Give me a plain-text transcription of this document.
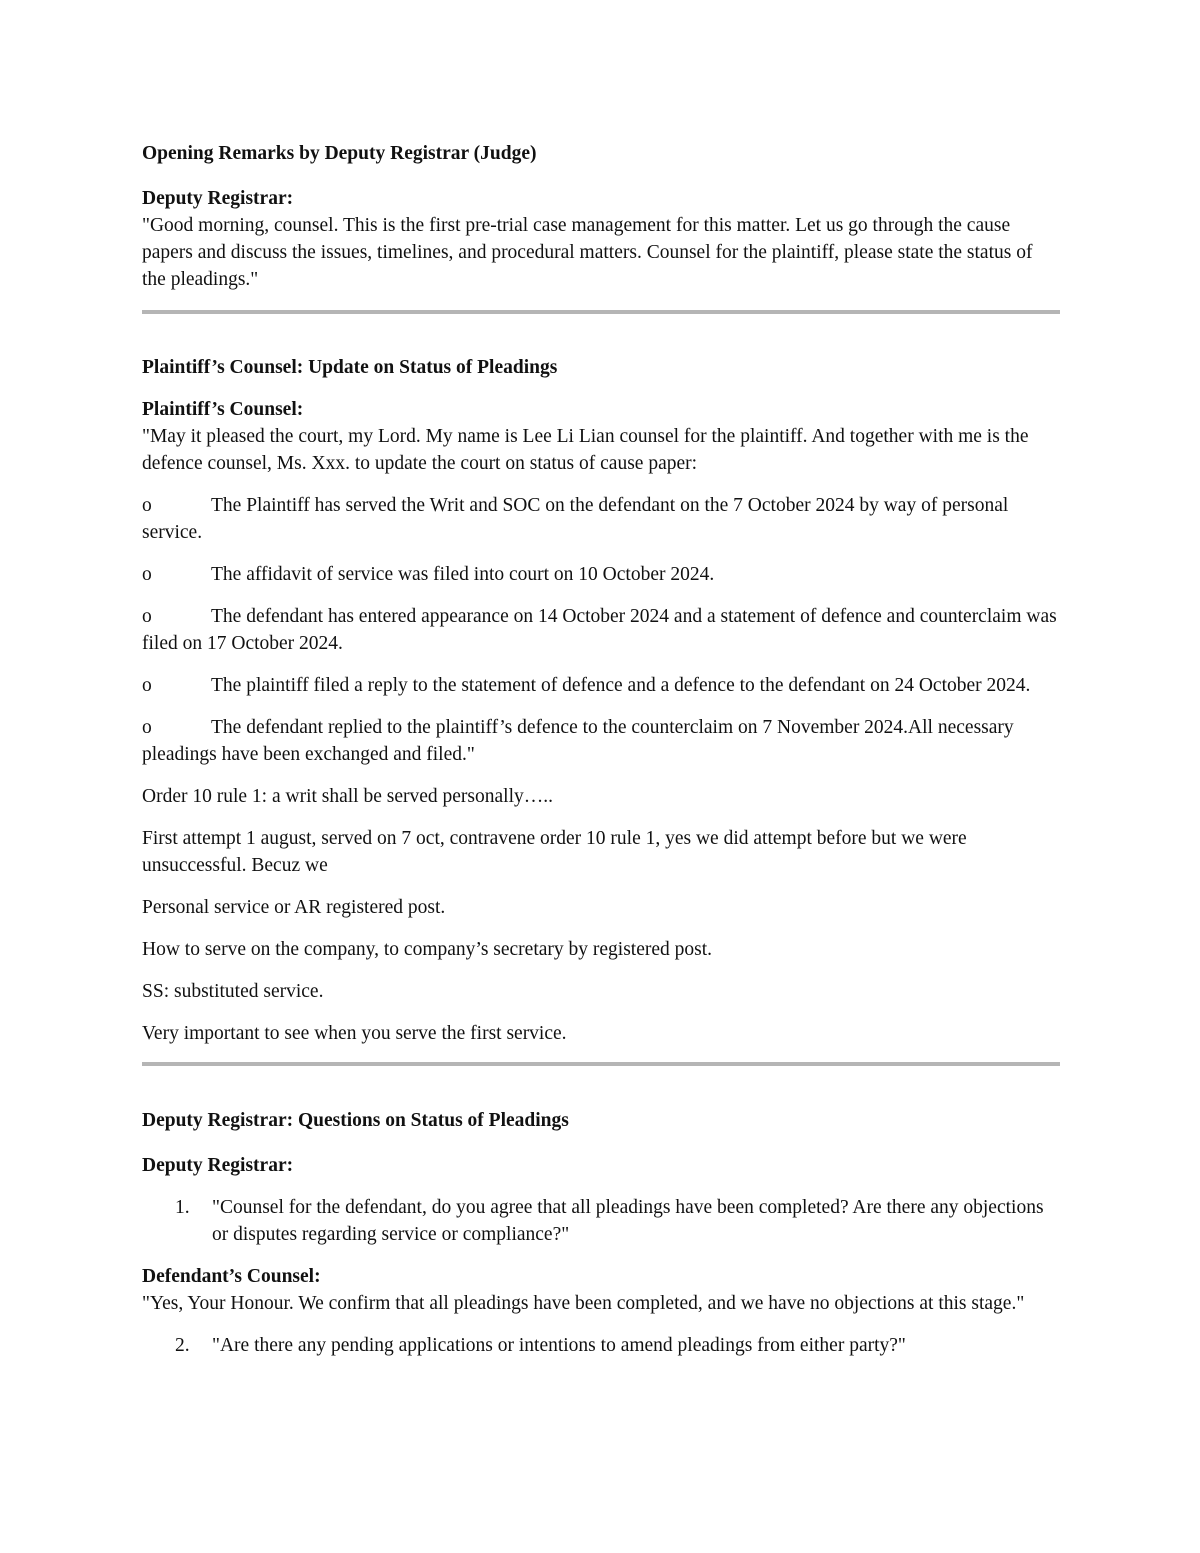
Opening Remarks by Deputy Registrar (Judge)

Deputy Registrar:

"Good morning, counsel. This is the first pre-trial case management for this matter. Let us go through the cause papers and discuss the issues, timelines, and procedural matters. Counsel for the plaintiff, please state the status of the pleadings."

Plaintiff’s Counsel: Update on Status of Pleadings

Plaintiff’s Counsel:

"May it pleased the court, my Lord. My name is Lee Li Lian counsel for the plaintiff. And together with me is the defence counsel, Ms. Xxx. to update the court on status of cause paper:

o	The Plaintiff has served the Writ and SOC on the defendant on the 7 October 2024 by way of personal service.

o	The affidavit of service was filed into court on 10 October 2024.

o	The defendant has entered appearance on 14 October 2024 and a statement of defence and counterclaim was filed on 17 October 2024.

o	The plaintiff filed a reply to the statement of defence and a defence to the defendant on 24 October 2024.

o	The defendant replied to the plaintiff’s defence to the counterclaim on 7 November 2024.All necessary pleadings have been exchanged and filed."

Order 10 rule 1: a writ shall be served personally…..

First attempt 1 august, served on 7 oct, contravene order 10 rule 1, yes we did attempt before but we were unsuccessful. Becuz we

Personal service or AR registered post.

How to serve on the company, to company’s secretary by registered post.

SS: substituted service.

Very important to see when you serve the first service.

Deputy Registrar: Questions on Status of Pleadings

Deputy Registrar:

1. "Counsel for the defendant, do you agree that all pleadings have been completed? Are there any objections or disputes regarding service or compliance?"

Defendant’s Counsel:

"Yes, Your Honour. We confirm that all pleadings have been completed, and we have no objections at this stage."

2. "Are there any pending applications or intentions to amend pleadings from either party?"
